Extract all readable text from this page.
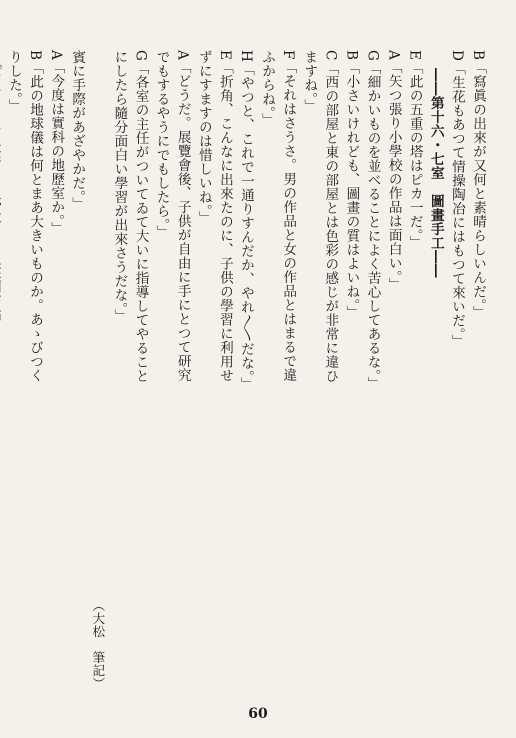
B「寫眞の出來が又何と素晴らしいんだ。」
D「生花もあつて情操陶冶にはもつて來いだ。」
――第十六・七室　圖畫手工――
E「此の五重の塔はピカ一だ。」
A「矢つ張り小學校の作品は面白い。」
G「細かいものを並べることによく苦心してあるな。」
B「小さいけれども、圖畫の質はよいね。」
C「西の部屋と東の部屋とは色彩の感じが非常に違ひ
ますね。」
F「それはさうさ。男の作品と女の作品とはまるで違
ふからね。」
H「やつと、これで一通りすんだか、やれ〳〵だな。」
E「折角、こんなに出來たのに、子供の學習に利用せ
ずにすますのは惜しいね。」
A「どうだ。展覽會後、子供が自由に手にとつて研究
でもするやうにでもしたら。」
G「各室の主任がついてゐて大いに指導してやること
にしたら隨分面白い學習が出來さうだな。」
（大松　筆記）
賓に手際があざやかだ。」
A「今度は實科の地歷室か。」
B「此の地球儀は何とまあ大きいものか。あゝびつく
りした。」
60
